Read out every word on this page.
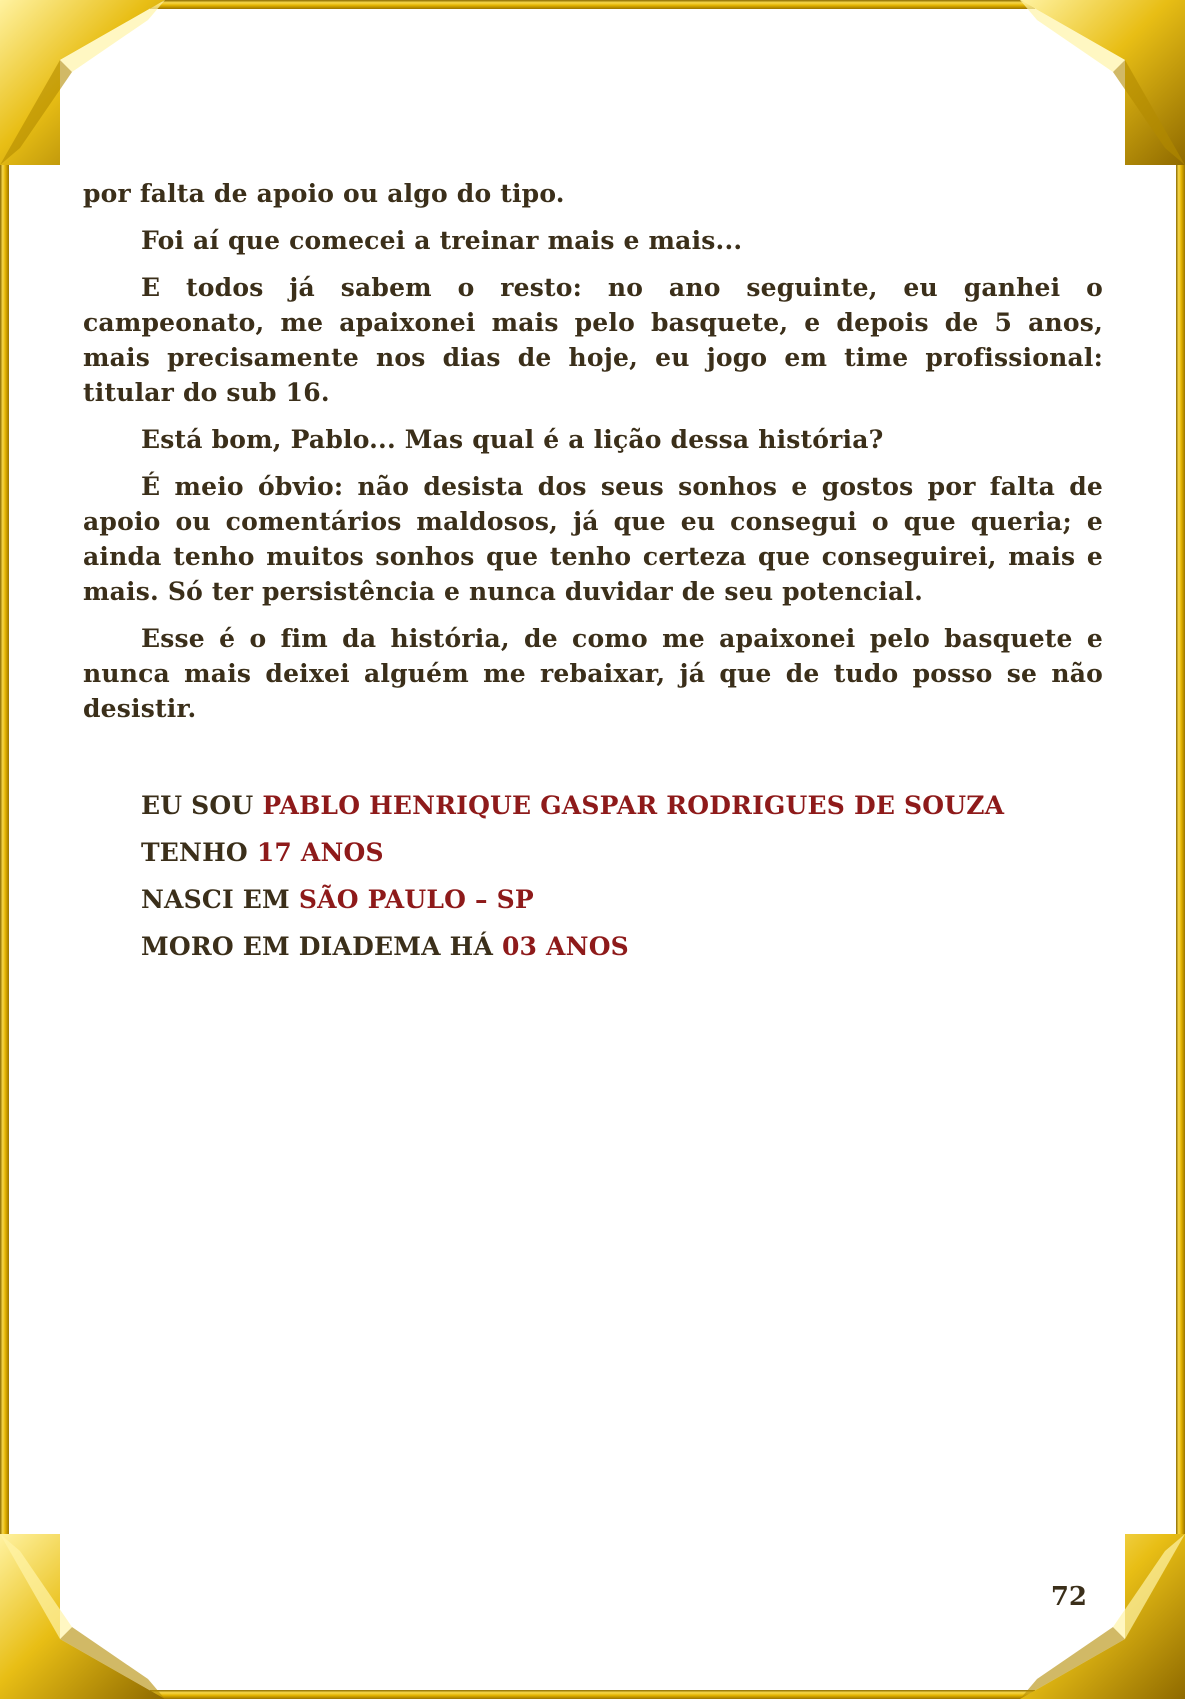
por falta de apoio ou algo do tipo.

Foi aí que comecei a treinar mais e mais...

E todos já sabem o resto: no ano seguinte, eu ganhei o campeonato, me apaixonei mais pelo basquete, e depois de 5 anos, mais precisamente nos dias de hoje, eu jogo em time profissional: titular do sub 16.

Está bom, Pablo... Mas qual é a lição dessa história?

É meio óbvio: não desista dos seus sonhos e gostos por falta de apoio ou comentários maldosos, já que eu consegui o que queria; e ainda tenho muitos sonhos que tenho certeza que conseguirei, mais e mais. Só ter persistência e nunca duvidar de seu potencial.

Esse é o fim da história, de como me apaixonei pelo basquete e nunca mais deixei alguém me rebaixar, já que de tudo posso se não desistir.

EU SOU PABLO HENRIQUE GASPAR RODRIGUES DE SOUZA
TENHO 17 ANOS
NASCI EM SÃO PAULO – SP
MORO EM DIADEMA HÁ 03 ANOS
72
